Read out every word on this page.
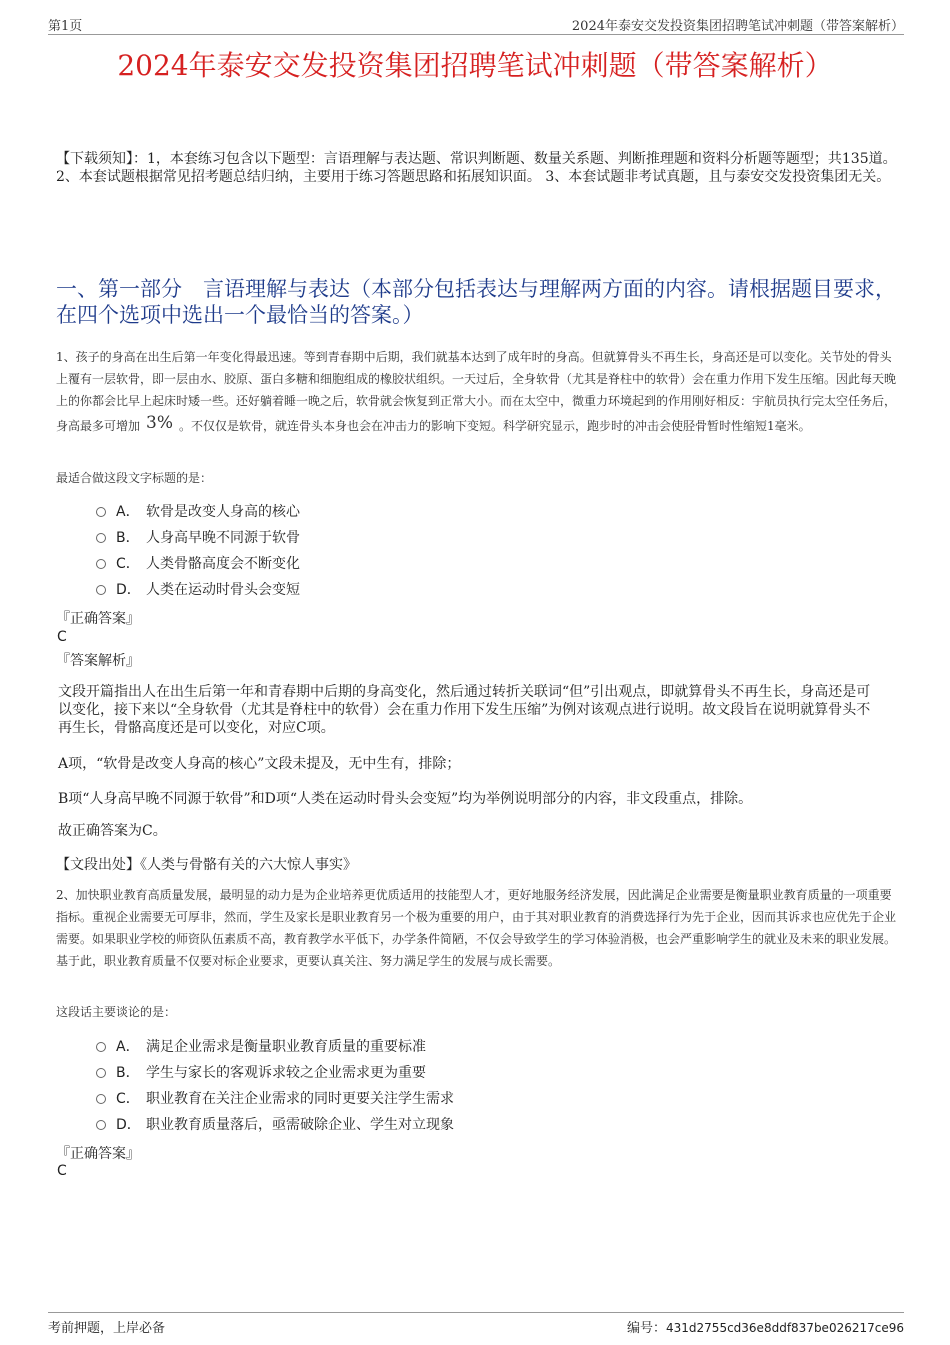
第1页	2024年泰安交发投资集团招聘笔试冲刺题（带答案解析）
2024年泰安交发投资集团招聘笔试冲刺题（带答案解析）
【下载须知】：1，本套练习包含以下题型：言语理解与表达题、常识判断题、数量关系题、判断推理题和资料分析题等题型；共135道。 2、本套试题根据常见招考题总结归纳，主要用于练习答题思路和拓展知识面。 3、本套试题非考试真题，且与泰安交发投资集团无关。
一、第一部分　言语理解与表达（本部分包括表达与理解两方面的内容。请根据题目要求，在四个选项中选出一个最恰当的答案。）
1、孩子的身高在出生后第一年变化得最迅速。等到青春期中后期，我们就基本达到了成年时的身高。但就算骨头不再生长，身高还是可以变化。关节处的骨头上覆有一层软骨，即一层由水、胶原、蛋白多糖和细胞组成的橡胶状组织。一天过后，全身软骨（尤其是脊柱中的软骨）会在重力作用下发生压缩。因此每天晚上的你都会比早上起床时矮一些。还好躺着睡一晚之后，软骨就会恢复到正常大小。而在太空中，微重力环境起到的作用刚好相反：宇航员执行完太空任务后，身高最多可增加 3% 。不仅仅是软骨，就连骨头本身也会在冲击力的影响下变短。科学研究显示，跑步时的冲击会使胫骨暂时性缩短1毫米。
最适合做这段文字标题的是：
A． 软骨是改变人身高的核心
B． 人身高早晚不同源于软骨
C． 人类骨骼高度会不断变化
D． 人类在运动时骨头会变短
『正确答案』
C
『答案解析』
文段开篇指出人在出生后第一年和青春期中后期的身高变化，然后通过转折关联词“但”引出观点，即就算骨头不再生长，身高还是可以变化，接下来以“全身软骨（尤其是脊柱中的软骨）会在重力作用下发生压缩”为例对该观点进行说明。故文段旨在说明就算骨头不再生长，骨骼高度还是可以变化，对应C项。
A项，“软骨是改变人身高的核心”文段未提及，无中生有，排除；
B项“人身高早晚不同源于软骨”和D项“人类在运动时骨头会变短”均为举例说明部分的内容，非文段重点，排除。
故正确答案为C。
【文段出处】《人类与骨骼有关的六大惊人事实》
2、加快职业教育高质量发展，最明显的动力是为企业培养更优质适用的技能型人才，更好地服务经济发展，因此满足企业需要是衡量职业教育质量的一项重要指标。重视企业需要无可厚非，然而，学生及家长是职业教育另一个极为重要的用户，由于其对职业教育的消费选择行为先于企业，因而其诉求也应优先于企业需要。如果职业学校的师资队伍素质不高，教育教学水平低下，办学条件简陋，不仅会导致学生的学习体验消极，也会严重影响学生的就业及未来的职业发展。基于此，职业教育质量不仅要对标企业要求，更要认真关注、努力满足学生的发展与成长需要。
这段话主要谈论的是：
A． 满足企业需求是衡量职业教育质量的重要标准
B． 学生与家长的客观诉求较之企业需求更为重要
C． 职业教育在关注企业需求的同时更要关注学生需求
D． 职业教育质量落后，亟需破除企业、学生对立现象
『正确答案』
C
考前押题，上岸必备	编号：431d2755cd36e8ddf837be026217ce96
